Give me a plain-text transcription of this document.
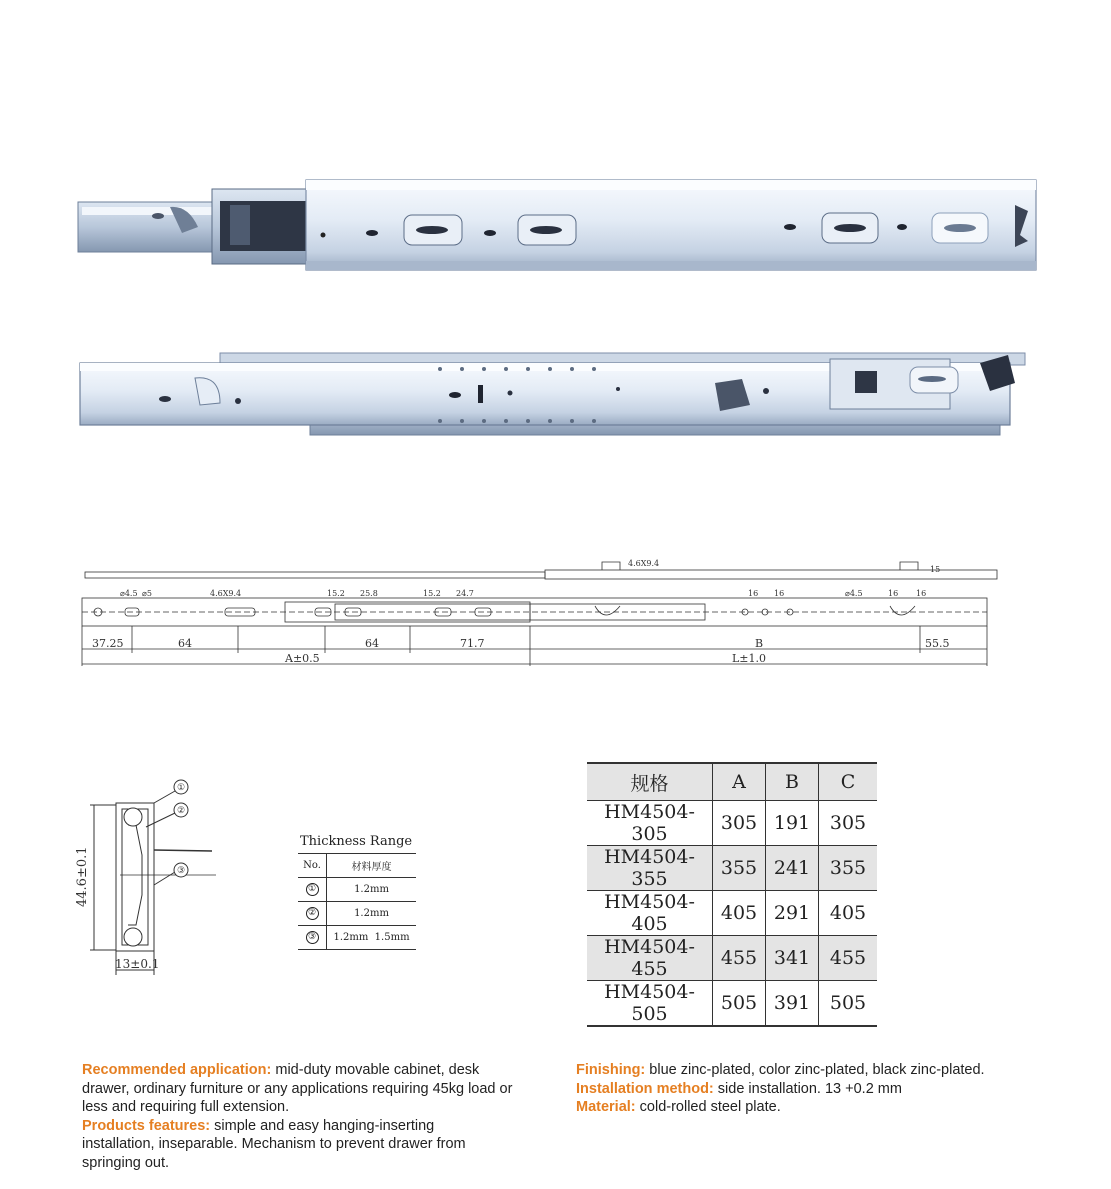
4.6X9.4
15
⌀4.5 ⌀5	4.6X9.4	15.2 25.8	15.2 24.7	16 16	⌀4.5	16 16
37.25	64	64	71.7	B	55.5
A±0.5	L±1.0
①
②
③
44.6±0.1
13±0.1
Thickness Range
No.	材料厚度
①	1.2mm
②	1.2mm
③	1.2mm  1.5mm
规格	A	B	C
HM4504-305	305	191	305
HM4504-355	355	241	355
HM4504-405	405	291	405
HM4504-455	455	341	455
HM4504-505	505	391	505
Recommended application: mid-duty movable cabinet, desk drawer, ordinary furniture or any applications requiring 45kg load or less and requiring full extension.
Products features: simple and easy hanging-inserting installation, inseparable. Mechanism to prevent drawer from springing out.
Finishing: blue zinc-plated, color zinc-plated, black zinc-plated.
Installation method: side installation. 13 +0.2 mm
Material: cold-rolled steel plate.
